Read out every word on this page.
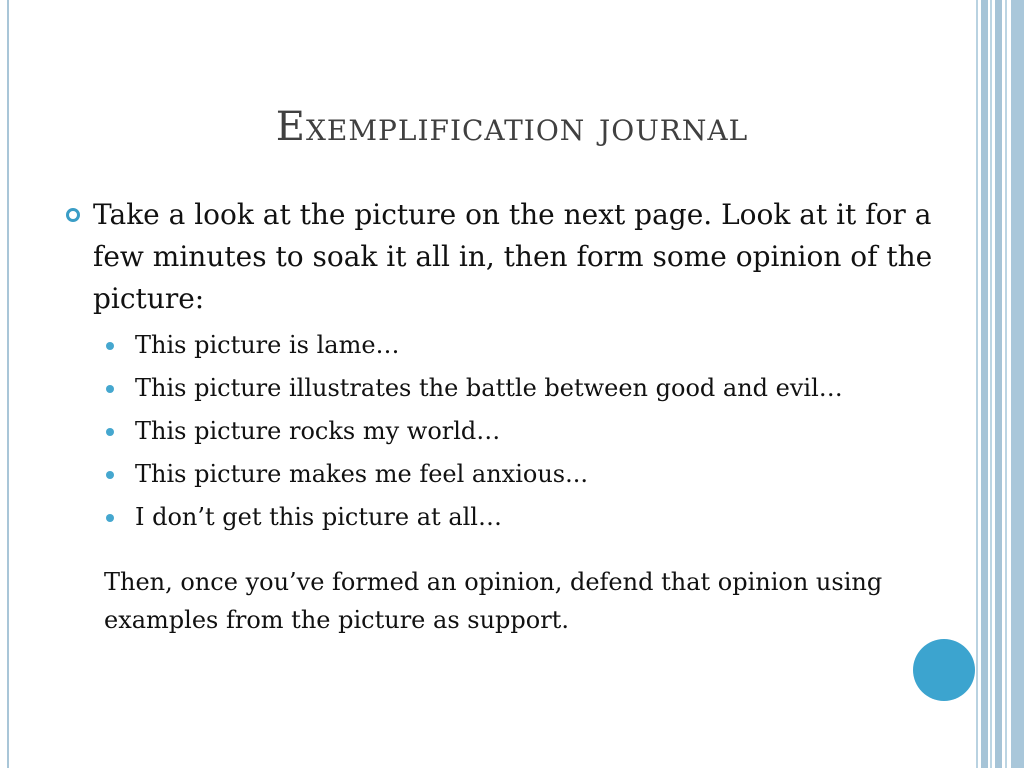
Exemplification journal
Take a look at the picture on the next page. Look at it for a few minutes to soak it all in, then form some opinion of the picture:
This picture is lame…
This picture illustrates the battle between good and evil…
This picture rocks my world…
This picture makes me feel anxious...
I don’t get this picture at all…
Then, once you’ve formed an opinion, defend that opinion using examples from the picture as support.
